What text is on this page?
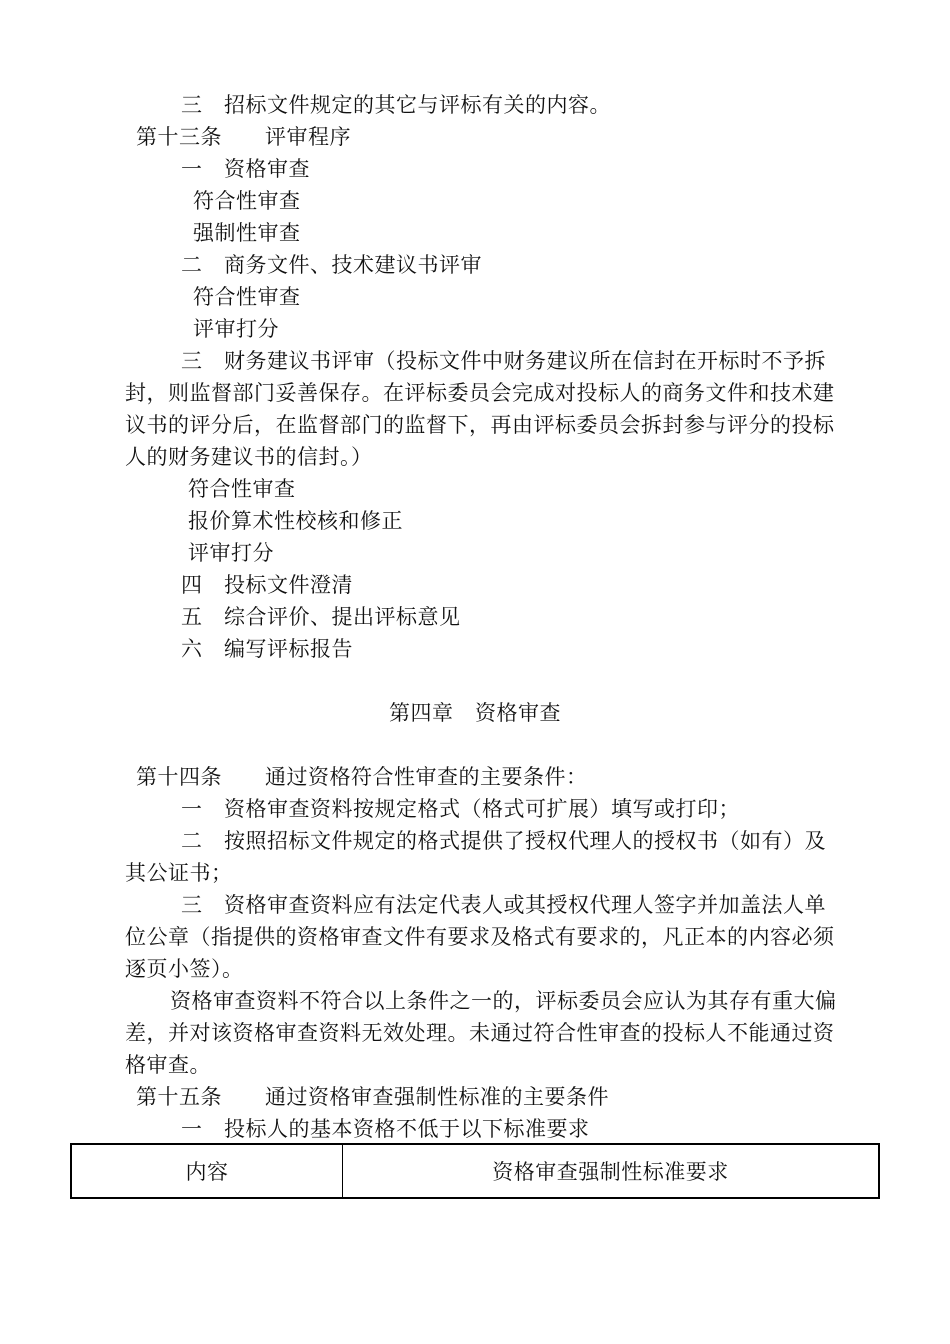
三　招标文件规定的其它与评标有关的内容。
第十三条　　评审程序
一　资格审查
符合性审查
强制性审查
二　商务文件、技术建议书评审
符合性审查
评审打分
三　财务建议书评审（投标文件中财务建议所在信封在开标时不予拆
封，则监督部门妥善保存。在评标委员会完成对投标人的商务文件和技术建
议书的评分后，在监督部门的监督下，再由评标委员会拆封参与评分的投标
人的财务建议书的信封。）
符合性审查
报价算术性校核和修正
评审打分
四　投标文件澄清
五　综合评价、提出评标意见
六　编写评标报告
第四章　资格审查
第十四条　　通过资格符合性审查的主要条件：
一　资格审查资料按规定格式（格式可扩展）填写或打印；
二　按照招标文件规定的格式提供了授权代理人的授权书（如有）及
其公证书；
三　资格审查资料应有法定代表人或其授权代理人签字并加盖法人单
位公章（指提供的资格审查文件有要求及格式有要求的，凡正本的内容必须
逐页小签）。
资格审查资料不符合以上条件之一的，评标委员会应认为其存有重大偏
差，并对该资格审查资料无效处理。未通过符合性审查的投标人不能通过资
格审查。
第十五条　　通过资格审查强制性标准的主要条件
一　投标人的基本资格不低于以下标准要求
内容	资格审查强制性标准要求
